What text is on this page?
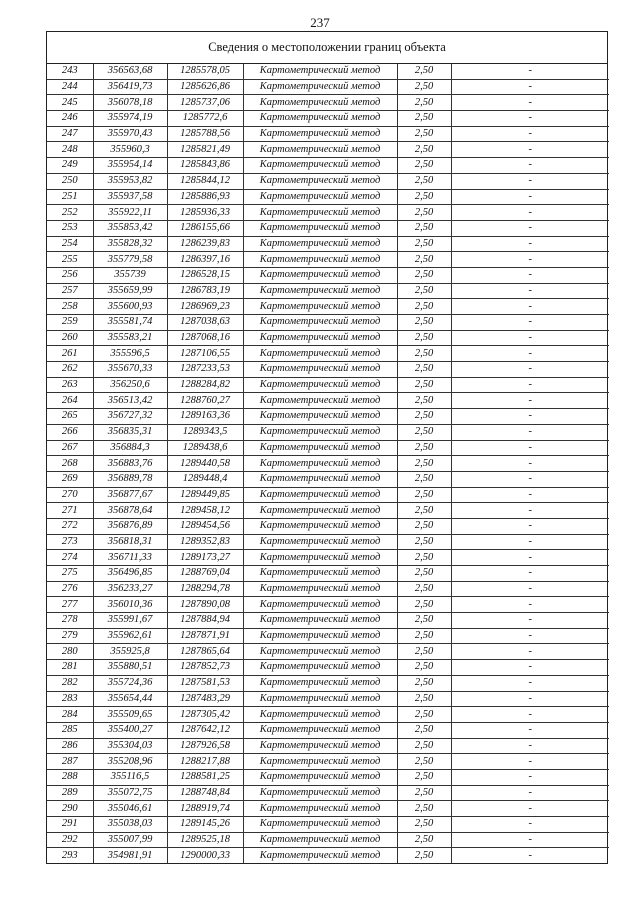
237
Сведения о местоположении границ объекта
243	356563,68	1285578,05	Картометрический метод	2,50	-
244	356419,73	1285626,86	Картометрический метод	2,50	-
245	356078,18	1285737,06	Картометрический метод	2,50	-
246	355974,19	1285772,6	Картометрический метод	2,50	-
247	355970,43	1285788,56	Картометрический метод	2,50	-
248	355960,3	1285821,49	Картометрический метод	2,50	-
249	355954,14	1285843,86	Картометрический метод	2,50	-
250	355953,82	1285844,12	Картометрический метод	2,50	-
251	355937,58	1285886,93	Картометрический метод	2,50	-
252	355922,11	1285936,33	Картометрический метод	2,50	-
253	355853,42	1286155,66	Картометрический метод	2,50	-
254	355828,32	1286239,83	Картометрический метод	2,50	-
255	355779,58	1286397,16	Картометрический метод	2,50	-
256	355739	1286528,15	Картометрический метод	2,50	-
257	355659,99	1286783,19	Картометрический метод	2,50	-
258	355600,93	1286969,23	Картометрический метод	2,50	-
259	355581,74	1287038,63	Картометрический метод	2,50	-
260	355583,21	1287068,16	Картометрический метод	2,50	-
261	355596,5	1287106,55	Картометрический метод	2,50	-
262	355670,33	1287233,53	Картометрический метод	2,50	-
263	356250,6	1288284,82	Картометрический метод	2,50	-
264	356513,42	1288760,27	Картометрический метод	2,50	-
265	356727,32	1289163,36	Картометрический метод	2,50	-
266	356835,31	1289343,5	Картометрический метод	2,50	-
267	356884,3	1289438,6	Картометрический метод	2,50	-
268	356883,76	1289440,58	Картометрический метод	2,50	-
269	356889,78	1289448,4	Картометрический метод	2,50	-
270	356877,67	1289449,85	Картометрический метод	2,50	-
271	356878,64	1289458,12	Картометрический метод	2,50	-
272	356876,89	1289454,56	Картометрический метод	2,50	-
273	356818,31	1289352,83	Картометрический метод	2,50	-
274	356711,33	1289173,27	Картометрический метод	2,50	-
275	356496,85	1288769,04	Картометрический метод	2,50	-
276	356233,27	1288294,78	Картометрический метод	2,50	-
277	356010,36	1287890,08	Картометрический метод	2,50	-
278	355991,67	1287884,94	Картометрический метод	2,50	-
279	355962,61	1287871,91	Картометрический метод	2,50	-
280	355925,8	1287865,64	Картометрический метод	2,50	-
281	355880,51	1287852,73	Картометрический метод	2,50	-
282	355724,36	1287581,53	Картометрический метод	2,50	-
283	355654,44	1287483,29	Картометрический метод	2,50	-
284	355509,65	1287305,42	Картометрический метод	2,50	-
285	355400,27	1287642,12	Картометрический метод	2,50	-
286	355304,03	1287926,58	Картометрический метод	2,50	-
287	355208,96	1288217,88	Картометрический метод	2,50	-
288	355116,5	1288581,25	Картометрический метод	2,50	-
289	355072,75	1288748,84	Картометрический метод	2,50	-
290	355046,61	1288919,74	Картометрический метод	2,50	-
291	355038,03	1289145,26	Картометрический метод	2,50	-
292	355007,99	1289525,18	Картометрический метод	2,50	-
293	354981,91	1290000,33	Картометрический метод	2,50	-
